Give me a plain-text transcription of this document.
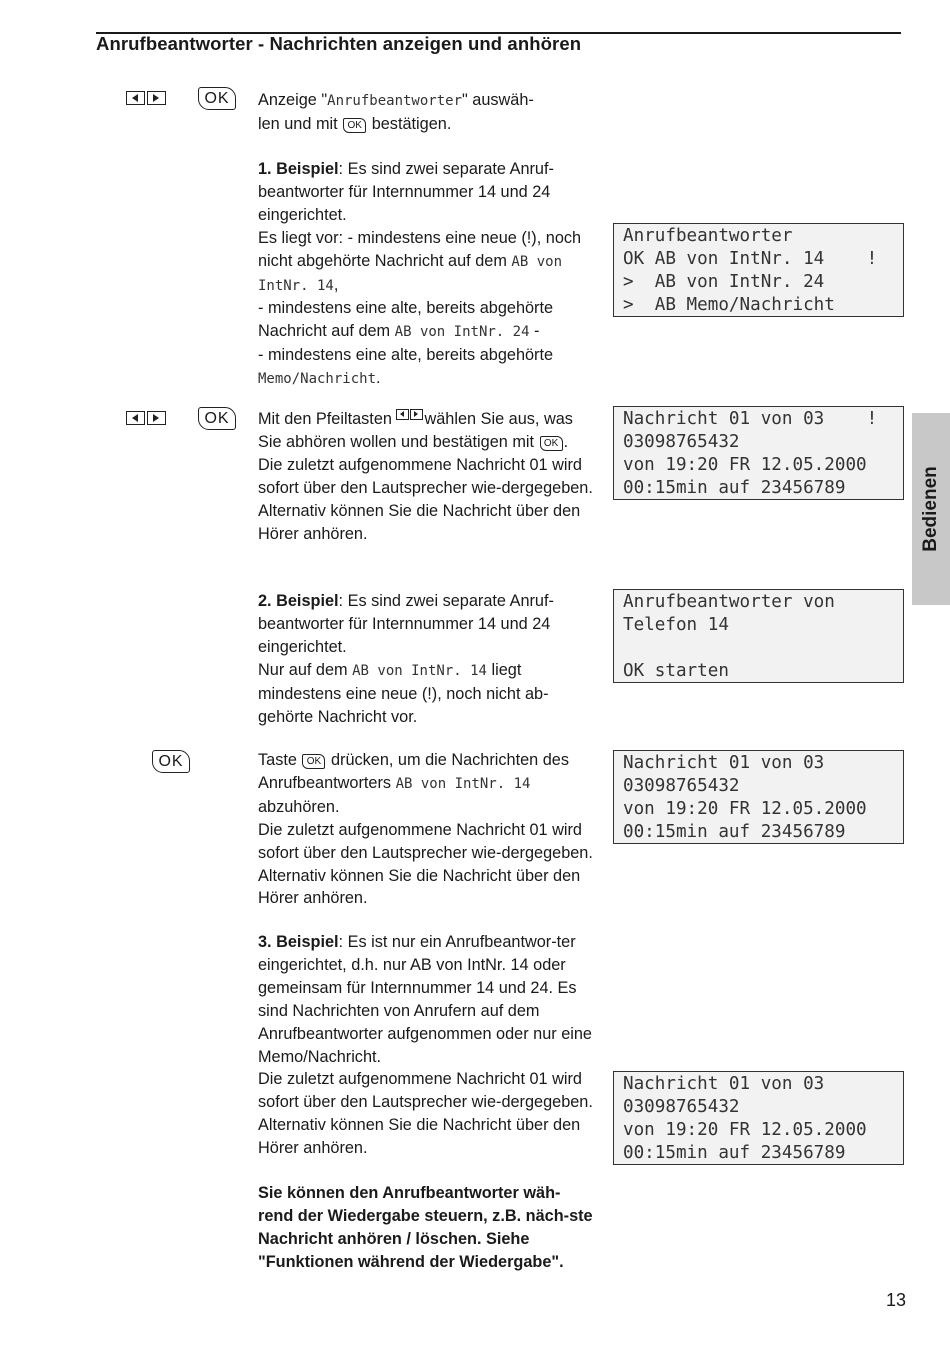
Anrufbeantworter - Nachrichten anzeigen und anhören
OK	Anzeige "Anrufbeantworter" auswäh-
len und mit OK bestätigen.

1. Beispiel: Es sind zwei separate Anruf-beantworter für Internnummer 14 und 24 eingerichtet.

Es liegt vor: - mindestens eine neue (!), noch nicht abgehörte Nachricht auf dem AB von IntNr. 14,

- mindestens eine alte, bereits abgehörte Nachricht auf dem AB von IntNr. 24 -

- mindestens eine alte, bereits abgehörte Memo/Nachricht.

OK	Mit den Pfeiltasten wählen Sie aus, was Sie abhören wollen und bestätigen mit OK .

Die zuletzt aufgenommene Nachricht 01 wird sofort über den Lautsprecher wie-dergegeben. Alternativ können Sie die Nachricht über den Hörer anhören.

2. Beispiel: Es sind zwei separate Anruf-beantworter für Internnummer 14 und 24 eingerichtet.

Nur auf dem AB von IntNr. 14 liegt mindestens eine neue (!), noch nicht ab-gehörte Nachricht vor.

OK	Taste OK drücken, um die Nachrichten des Anrufbeantworters AB von IntNr. 14 abzuhören.

Die zuletzt aufgenommene Nachricht 01 wird sofort über den Lautsprecher wie-dergegeben. Alternativ können Sie die Nachricht über den Hörer anhören.

3. Beispiel: Es ist nur ein Anrufbeantwor-ter eingerichtet, d.h. nur AB von IntNr. 14 oder gemeinsam für Internnummer 14 und 24. Es sind Nachrichten von Anrufern auf dem Anrufbeantworter aufgenommen oder nur eine Memo/Nachricht.

Die zuletzt aufgenommene Nachricht 01 wird sofort über den Lautsprecher wie-dergegeben. Alternativ können Sie die Nachricht über den Hörer anhören.

Sie können den Anrufbeantworter wäh-rend der Wiedergabe steuern, z.B. näch-ste Nachricht anhören / löschen. Siehe "Funktionen während der Wiedergabe".
Anrufbeantworter
OK AB von IntNr. 14    !
>  AB von IntNr. 24
>  AB Memo/Nachricht
Nachricht 01 von 03    !
03098765432
von 19:20 FR 12.05.2000
00:15min auf 23456789
Anrufbeantworter von
Telefon 14
OK starten
Nachricht 01 von 03
03098765432
von 19:20 FR 12.05.2000
00:15min auf 23456789
Nachricht 01 von 03
03098765432
von 19:20 FR 12.05.2000
00:15min auf 23456789
Bedienen
13
